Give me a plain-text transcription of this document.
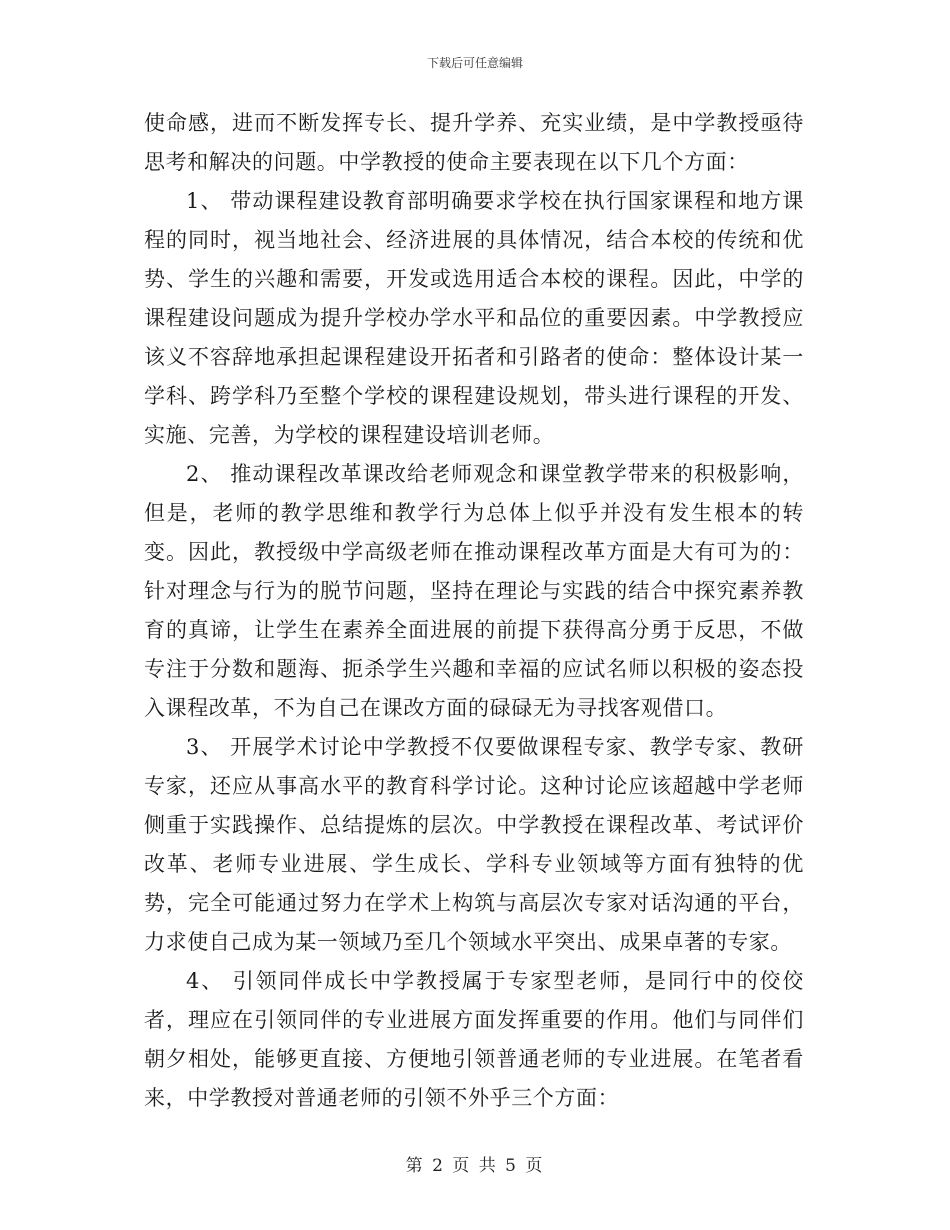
下载后可任意编辑

使命感，进而不断发挥专长、提升学养、充实业绩，是中学教授亟待思考和解决的问题。中学教授的使命主要表现在以下几个方面：

1、 带动课程建设教育部明确要求学校在执行国家课程和地方课程的同时，视当地社会、经济进展的具体情况，结合本校的传统和优势、学生的兴趣和需要，开发或选用适合本校的课程。因此，中学的课程建设问题成为提升学校办学水平和品位的重要因素。中学教授应该义不容辞地承担起课程建设开拓者和引路者的使命：整体设计某一学科、跨学科乃至整个学校的课程建设规划，带头进行课程的开发、实施、完善，为学校的课程建设培训老师。

2、 推动课程改革课改给老师观念和课堂教学带来的积极影响，但是，老师的教学思维和教学行为总体上似乎并没有发生根本的转变。因此，教授级中学高级老师在推动课程改革方面是大有可为的：针对理念与行为的脱节问题，坚持在理论与实践的结合中探究素养教育的真谛，让学生在素养全面进展的前提下获得高分勇于反思，不做专注于分数和题海、扼杀学生兴趣和幸福的应试名师以积极的姿态投入课程改革，不为自己在课改方面的碌碌无为寻找客观借口。

3、 开展学术讨论中学教授不仅要做课程专家、教学专家、教研专家，还应从事高水平的教育科学讨论。这种讨论应该超越中学老师侧重于实践操作、总结提炼的层次。中学教授在课程改革、考试评价改革、老师专业进展、学生成长、学科专业领域等方面有独特的优势，完全可能通过努力在学术上构筑与高层次专家对话沟通的平台，力求使自己成为某一领域乃至几个领域水平突出、成果卓著的专家。

4、 引领同伴成长中学教授属于专家型老师，是同行中的佼佼者，理应在引领同伴的专业进展方面发挥重要的作用。他们与同伴们朝夕相处，能够更直接、方便地引领普通老师的专业进展。在笔者看来，中学教授对普通老师的引领不外乎三个方面：

第 2 页 共 5 页
